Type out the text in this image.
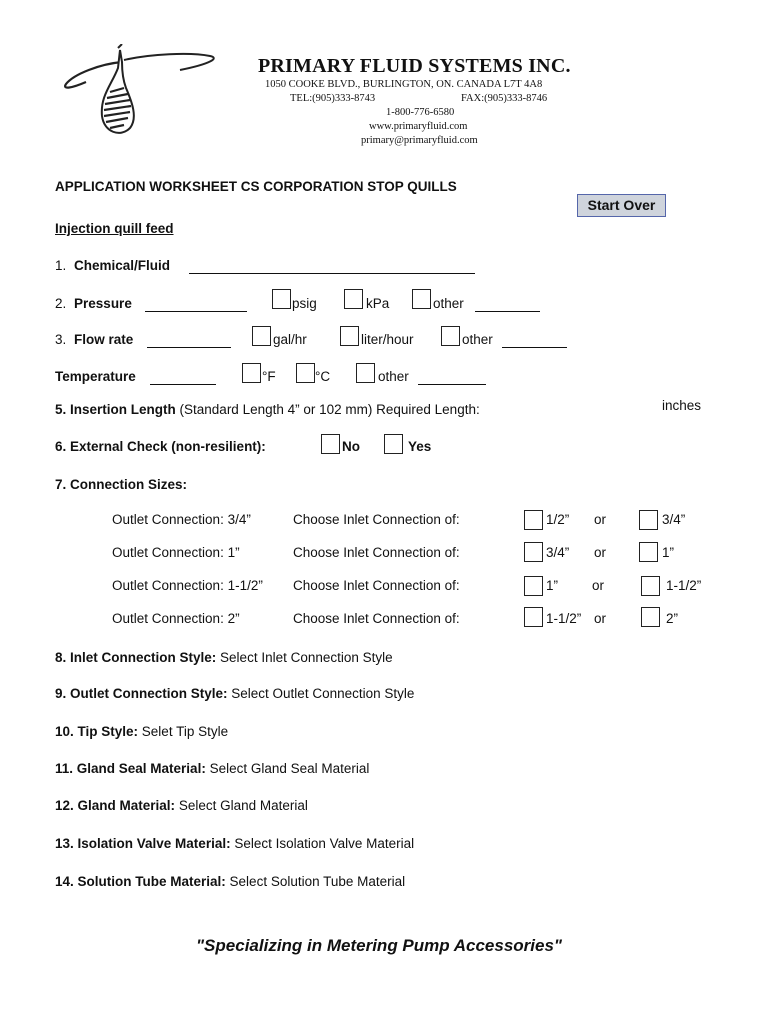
PRIMARY FLUID SYSTEMS INC.
1050 COOKE BLVD., BURLINGTON, ON. CANADA L7T 4A8
TEL:(905)333-8743	FAX:(905)333-8746
1-800-776-6580
www.primaryfluid.com
primary@primaryfluid.com
APPLICATION WORKSHEET CS CORPORATION STOP QUILLS
Start Over
Injection quill feed
1. Chemical/Fluid
2. Pressure	psig	kPa	other
3. Flow rate	gal/hr	liter/hour	other
Temperature	°F	°C	other
5. Insertion Length (Standard Length 4” or 102 mm) Required Length:	inches
6. External Check (non-resilient):	No	Yes
7. Connection Sizes:
Outlet Connection: 3/4”	Choose Inlet Connection of:	1/2” or	3/4”
Outlet Connection: 1”	Choose Inlet Connection of:	3/4” or	1”
Outlet Connection: 1-1/2” Choose Inlet Connection of:	1”	or	1-1/2”
Outlet Connection: 2”	Choose Inlet Connection of:	1-1/2” or	2”
8. Inlet Connection Style: Select Inlet Connection Style
9. Outlet Connection Style: Select Outlet Connection Style
10. Tip Style: Selet Tip Style
11. Gland Seal Material: Select Gland Seal Material
12. Gland Material: Select Gland Material
13. Isolation Valve Material: Select Isolation Valve Material
14. Solution Tube Material: Select Solution Tube Material
"Specializing in Metering Pump Accessories"
